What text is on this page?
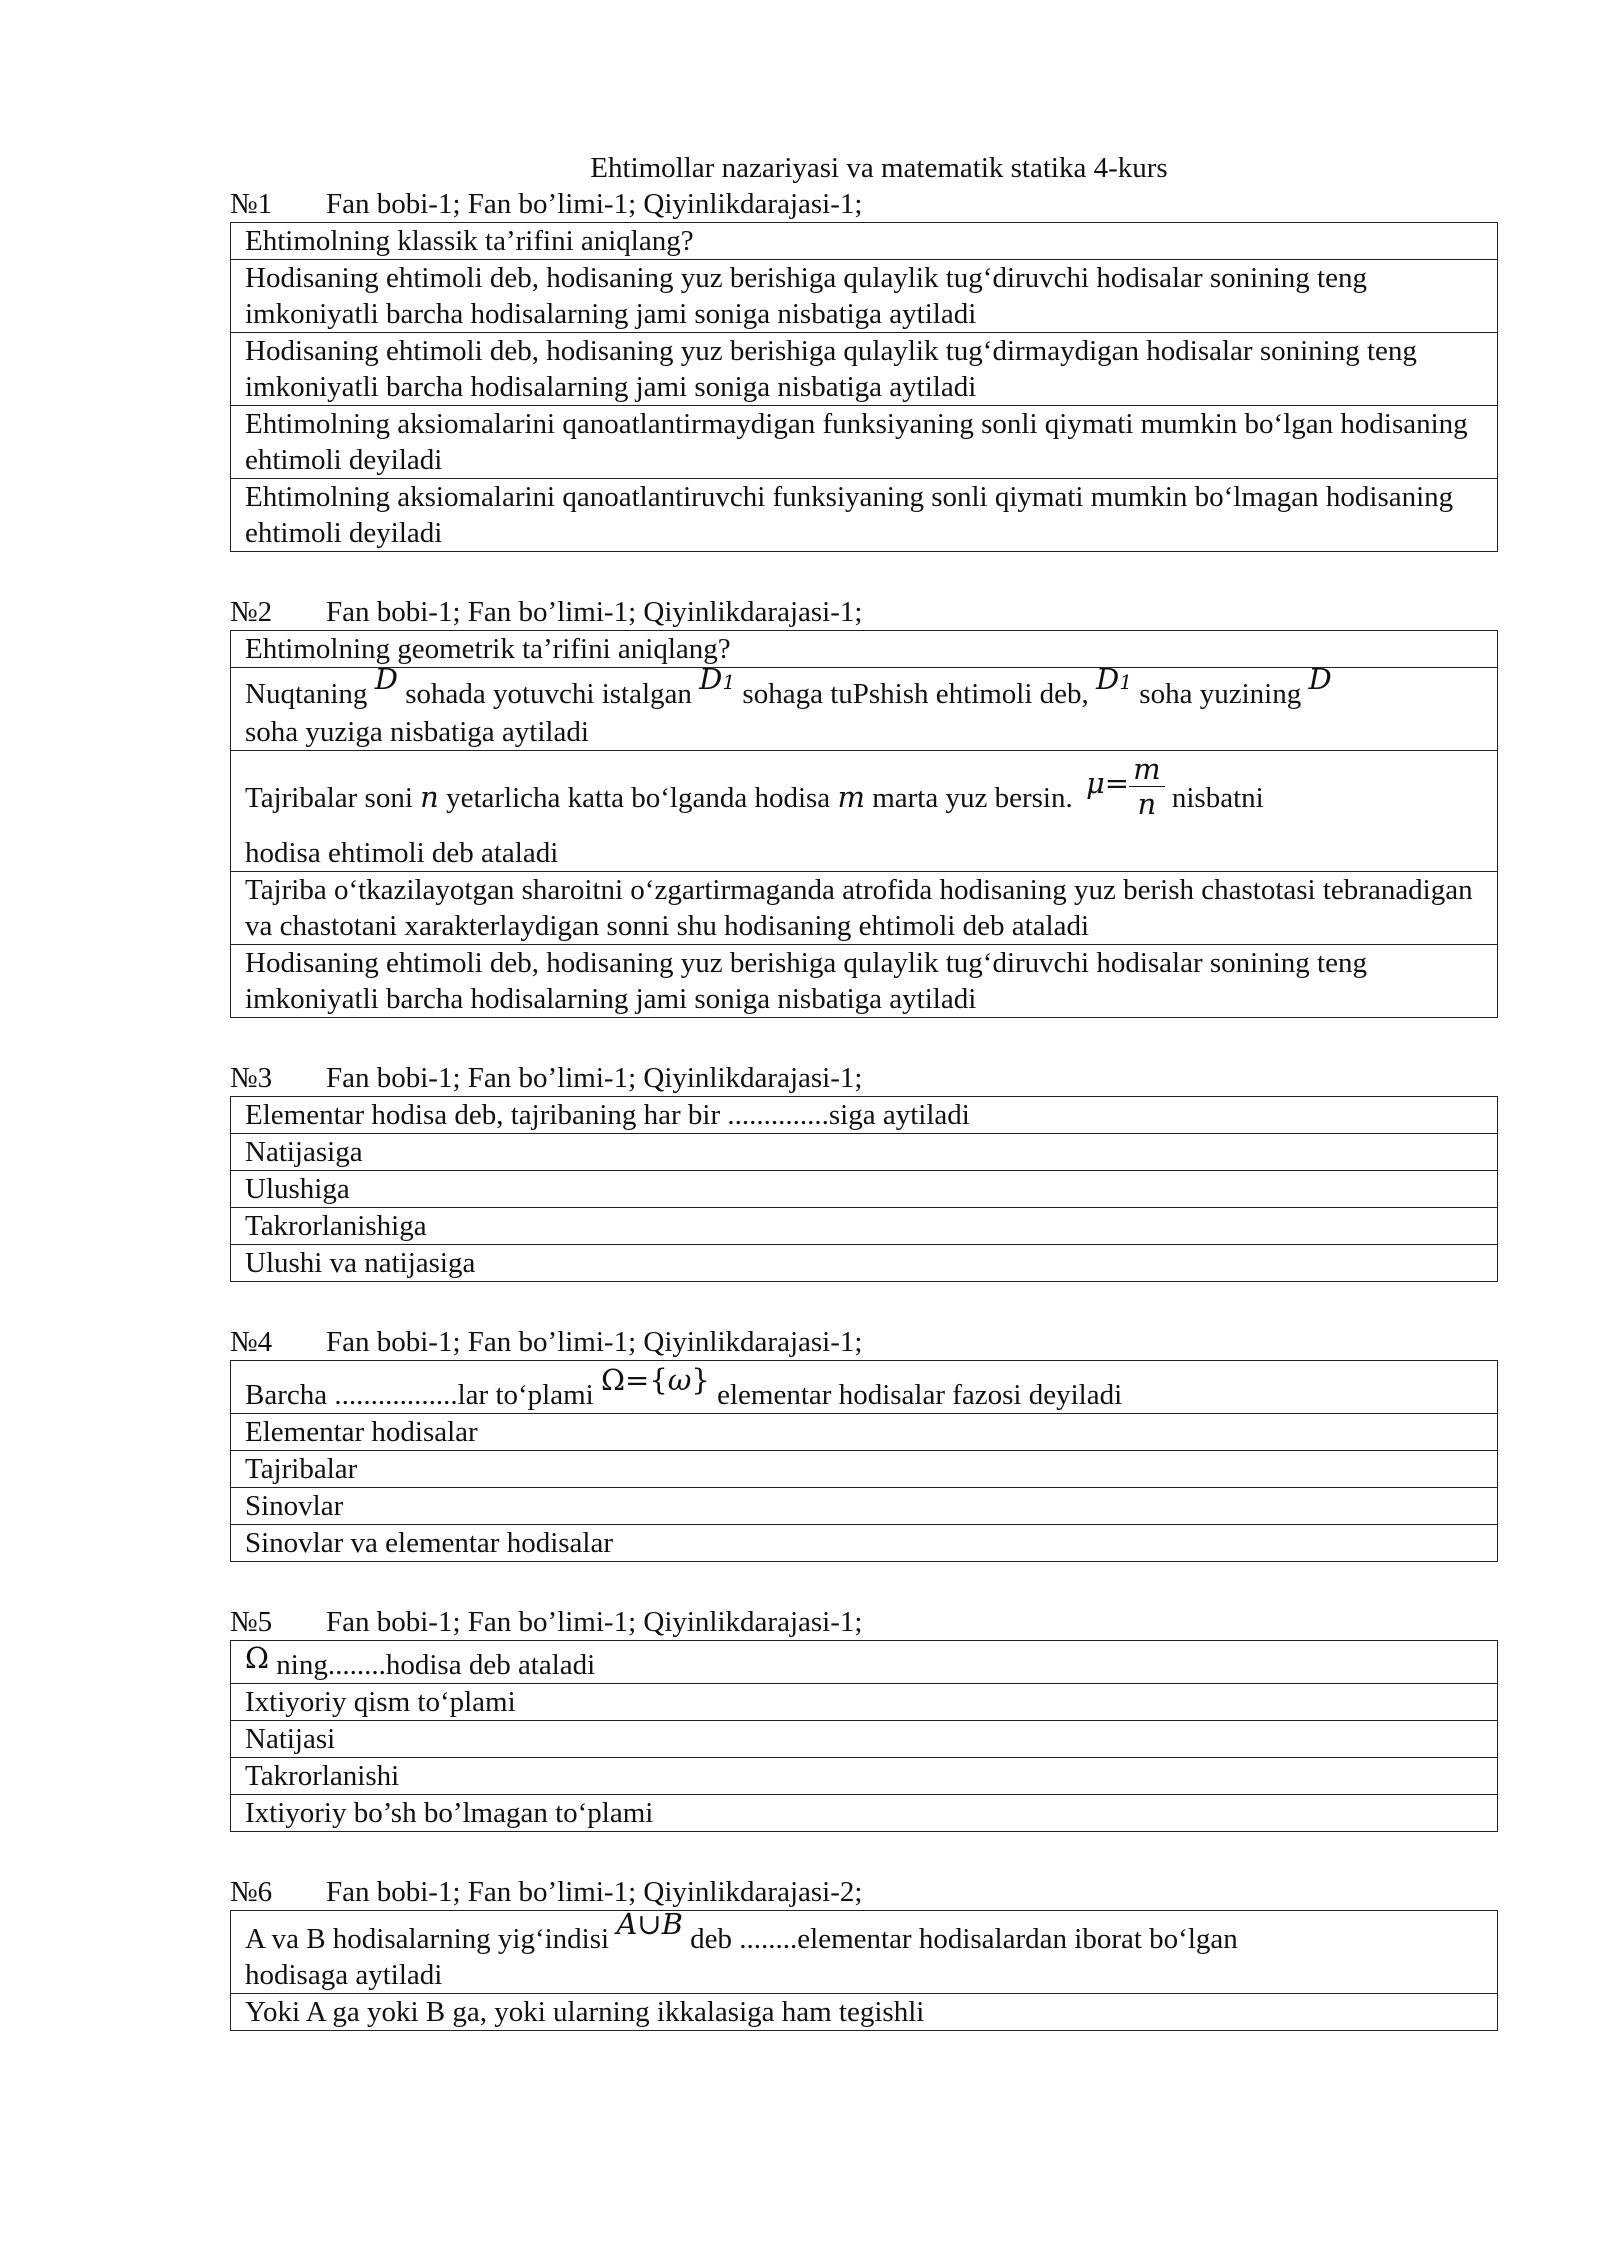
Ehtimollar nazariyasi va matematik statika 4-kurs
№1	Fan bobi-1; Fan bo’limi-1; Qiyinlikdarajasi-1;
Ehtimolning klassik ta’rifini aniqlang?
Hodisaning ehtimoli deb, hodisaning yuz berishiga qulaylik tug‘diruvchi hodisalar sonining teng imkoniyatli barcha hodisalarning jami soniga nisbatiga aytiladi
Hodisaning ehtimoli deb, hodisaning yuz berishiga qulaylik tug‘dirmaydigan hodisalar sonining teng imkoniyatli barcha hodisalarning jami soniga nisbatiga aytiladi
Ehtimolning aksiomalarini qanoatlantirmaydigan funksiyaning sonli qiymati mumkin bo‘lgan hodisaning ehtimoli deyiladi
Ehtimolning aksiomalarini qanoatlantiruvchi funksiyaning sonli qiymati mumkin bo‘lmagan hodisaning ehtimoli deyiladi
№2	Fan bobi-1; Fan bo’limi-1; Qiyinlikdarajasi-1;
Ehtimolning geometrik ta’rifini aniqlang?
Nuqtaning D sohada yotuvchi istalgan D1 sohaga tuPshish ehtimoli deb, D1 soha yuzining D
soha yuziga nisbatiga aytiladi
Tajribalar soni n yetarlicha katta bo‘lganda hodisa m marta yuz bersin. $\mu= \frac{m}{n}$ nisbatni
hodisa ehtimoli deb ataladi
Tajriba o‘tkazilayotgan sharoitni o‘zgartirmaganda atrofida hodisaning yuz berish chastotasi tebranadigan va chastotani xarakterlaydigan sonni shu hodisaning ehtimoli deb ataladi
Hodisaning ehtimoli deb, hodisaning yuz berishiga qulaylik tug‘diruvchi hodisalar sonining teng imkoniyatli barcha hodisalarning jami soniga nisbatiga aytiladi
№3	Fan bobi-1; Fan bo’limi-1; Qiyinlikdarajasi-1;
Elementar hodisa deb, tajribaning har bir ..............siga aytiladi
Natijasiga
Ulushiga
Takrorlanishiga
Ulushi va natijasiga
№4	Fan bobi-1; Fan bo’limi-1; Qiyinlikdarajasi-1;
Barcha .................lar to‘plami Ω={ω} elementar hodisalar fazosi deyiladi
Elementar hodisalar
Tajribalar
Sinovlar
Sinovlar va elementar hodisalar
№5	Fan bobi-1; Fan bo’limi-1; Qiyinlikdarajasi-1;
Ω ning........hodisa deb ataladi
Ixtiyoriy qism to‘plami
Natijasi
Takrorlanishi
Ixtiyoriy bo’sh bo’lmagan to‘plami
№6	Fan bobi-1; Fan bo’limi-1; Qiyinlikdarajasi-2;
A va B hodisalarning yig‘indisi A∪B deb ........elementar hodisalardan iborat bo‘lgan
hodisaga aytiladi
Yoki A ga yoki B ga, yoki ularning ikkalasiga ham tegishli
